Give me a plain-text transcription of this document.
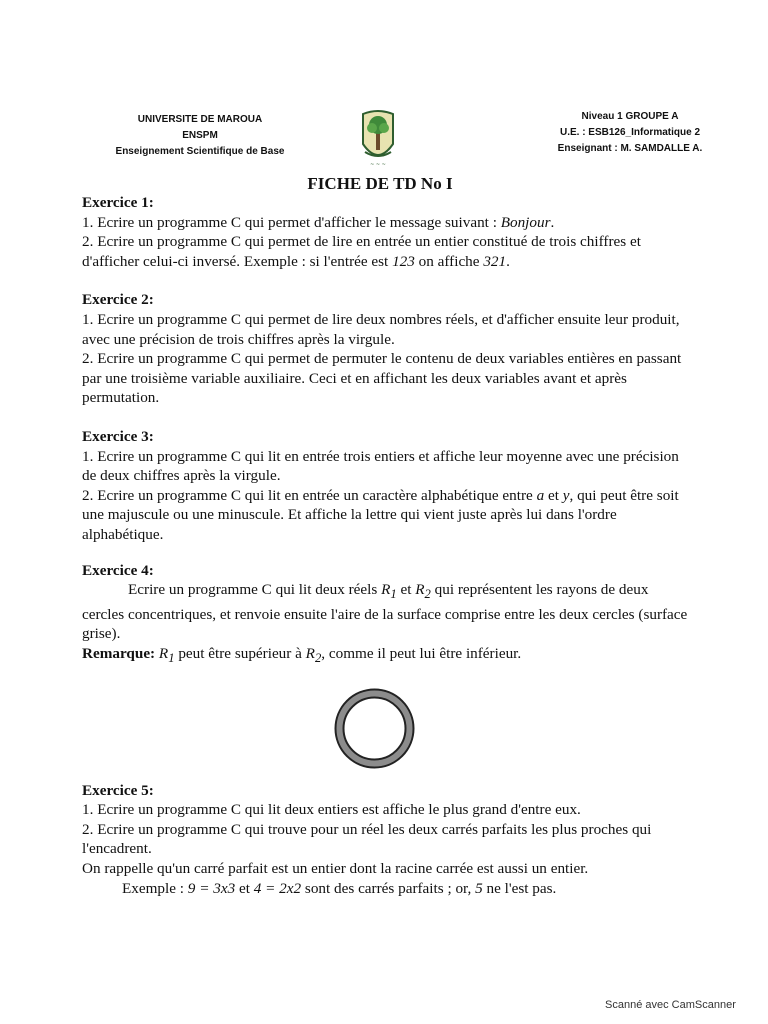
UNIVERSITE DE MAROUA
ENSPM
Enseignement Scientifique de Base
~ ~ ~
Niveau 1 GROUPE A
U.E. : ESB126_Informatique 2
Enseignant : M. SAMDALLE A.
FICHE DE TD No I

Exercice 1:

1. Ecrire un programme C qui permet d'afficher le message suivant : Bonjour.

2. Ecrire un programme C qui permet de lire en entrée un entier constitué de trois chiffres et d'afficher celui-ci inversé. Exemple : si l'entrée est 123 on affiche 321.

Exercice 2:

1. Ecrire un programme C qui permet de lire deux nombres réels, et d'afficher ensuite leur produit, avec une précision de trois chiffres après la virgule.

2. Ecrire un programme C qui permet de permuter le contenu de deux variables entières en passant par une troisième variable auxiliaire. Ceci et en affichant les deux variables avant et après permutation.

Exercice 3:

1. Ecrire un programme C qui lit en entrée trois entiers et affiche leur moyenne avec une précision de deux chiffres après la virgule.

2. Ecrire un programme C qui lit en entrée un caractère alphabétique entre a et y, qui peut être soit une majuscule ou une minuscule. Et affiche la lettre qui vient juste après lui dans l'ordre alphabétique.

Exercice 4:

Ecrire un programme C qui lit deux réels $R_1$ et $R_2$ qui représentent les rayons de deux cercles concentriques, et renvoie ensuite l'aire de la surface comprise entre les deux cercles (surface grise).

Remarque: $R_1$ peut être supérieur à $R_2$, comme il peut lui être inférieur.

Exercice 5:

1. Ecrire un programme C qui lit deux entiers est affiche le plus grand d'entre eux.

2. Ecrire un programme C qui trouve pour un réel les deux carrés parfaits les plus proches qui l'encadrent.

On rappelle qu'un carré parfait est un entier dont la racine carrée est aussi un entier.

Exemple : 9 = 3x3 et 4 = 2x2 sont des carrés parfaits ; or, 5 ne l'est pas.

Scanné avec CamScanner
